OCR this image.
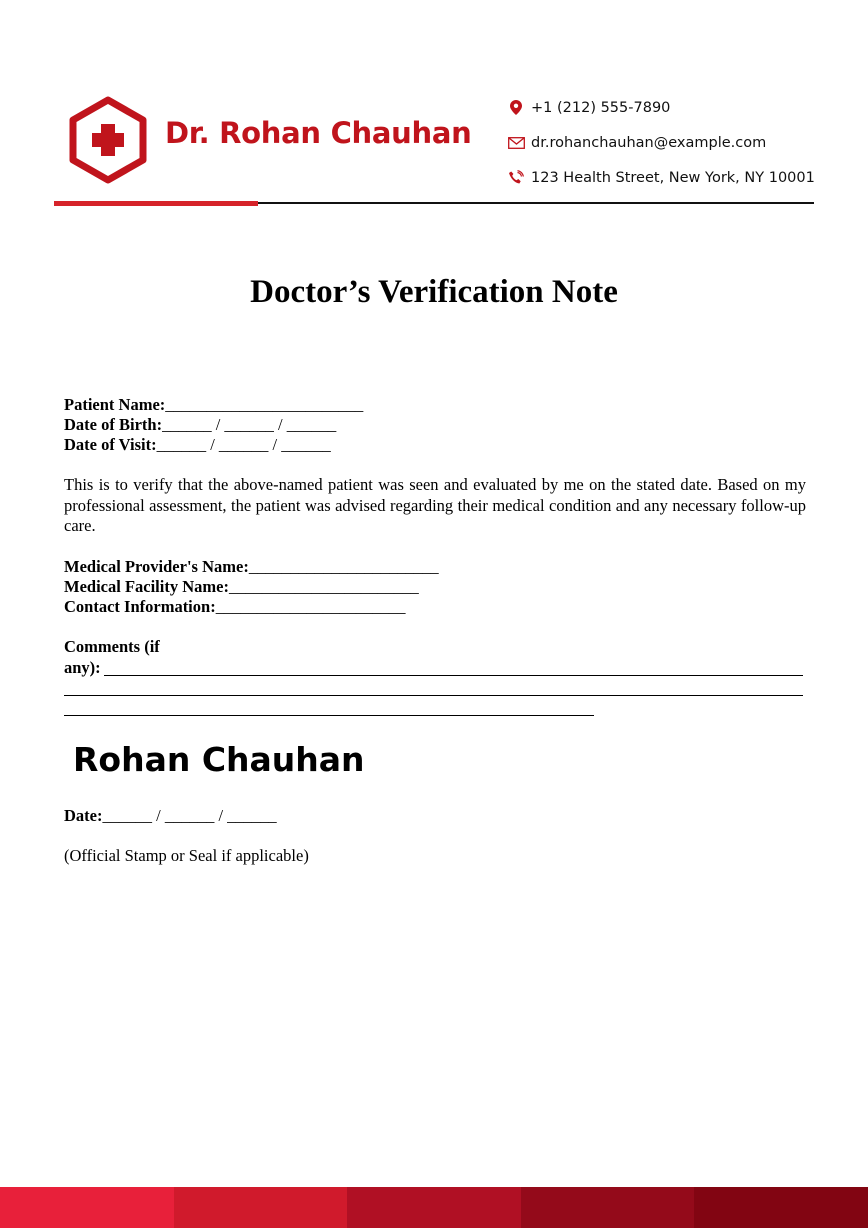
Dr. Rohan Chauhan
+1 (212) 555-7890
dr.rohanchauhan@example.com
123 Health Street, New York, NY 10001
Doctor’s Verification Note
Patient Name:________________________
Date of Birth:______ / ______ / ______
Date of Visit:______ / ______ / ______
This is to verify that the above-named patient was seen and evaluated by me on the stated date. Based on my professional assessment, the patient was advised regarding their medical condition and any necessary follow-up care.
Medical Provider's Name:_______________________
Medical Facility Name:_______________________
Contact Information:_______________________
Comments (if
any):
Rohan Chauhan
Date:______ / ______ / ______
(Official Stamp or Seal if applicable)
